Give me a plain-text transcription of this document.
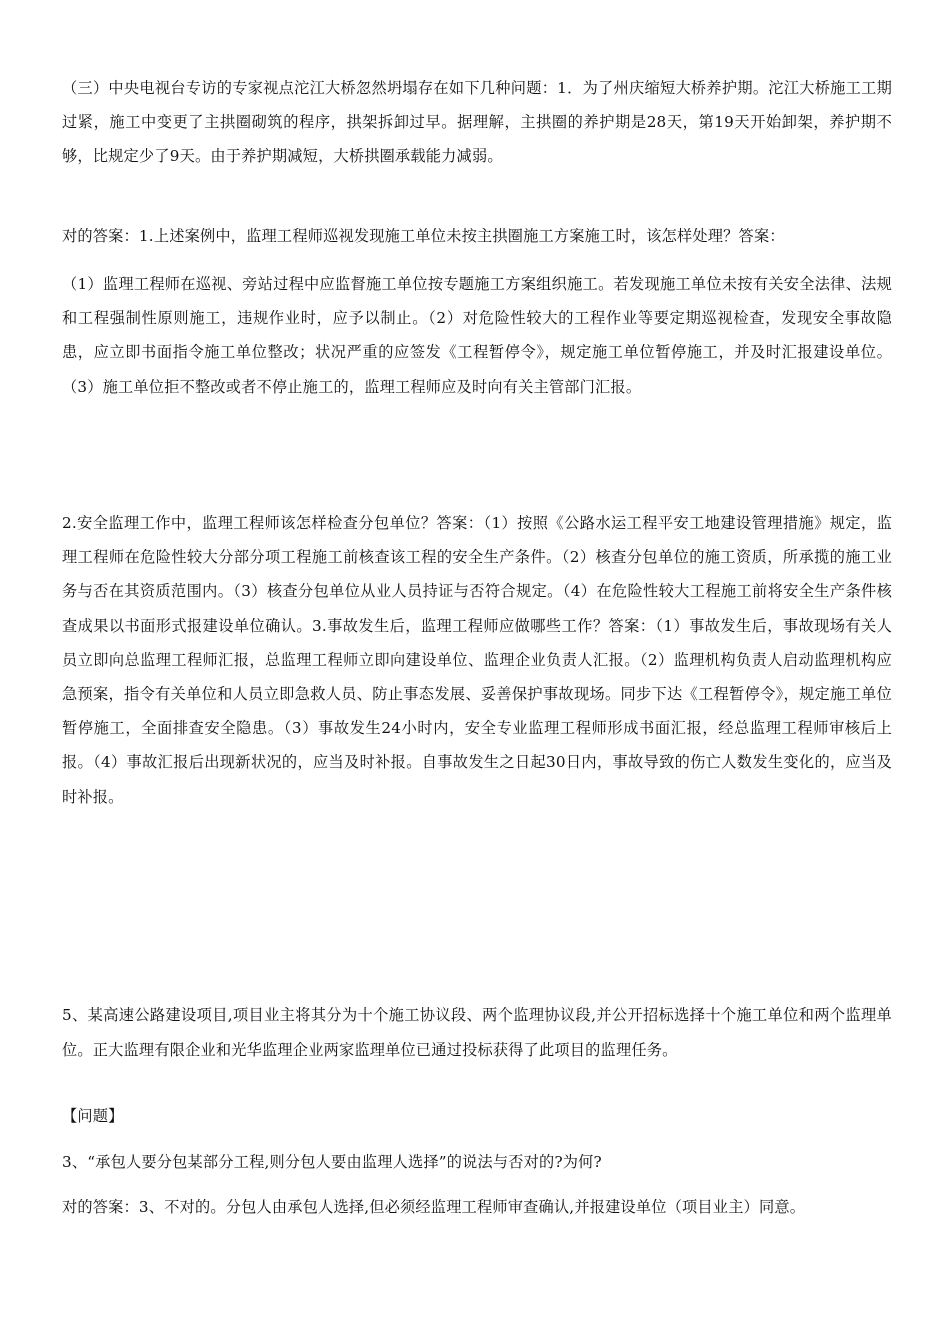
（三）中央电视台专访的专家视点沱江大桥忽然坍塌存在如下几种问题：1．为了州庆缩短大桥养护期。沱江大桥施工工期过紧，施工中变更了主拱圈砌筑的程序，拱架拆卸过早。据理解，主拱圈的养护期是28天，第19天开始卸架，养护期不够，比规定少了9天。由于养护期减短，大桥拱圈承载能力减弱。

对的答案：1.上述案例中，监理工程师巡视发现施工单位未按主拱圈施工方案施工时，该怎样处理？答案：

（1）监理工程师在巡视、旁站过程中应监督施工单位按专题施工方案组织施工。若发现施工单位未按有关安全法律、法规和工程强制性原则施工，违规作业时，应予以制止。（2）对危险性较大的工程作业等要定期巡视检查，发现安全事故隐患，应立即书面指令施工单位整改；状况严重的应签发《工程暂停令》，规定施工单位暂停施工，并及时汇报建设单位。（3）施工单位拒不整改或者不停止施工的，监理工程师应及时向有关主管部门汇报。

2.安全监理工作中，监理工程师该怎样检查分包单位？答案：（1）按照《公路水运工程平安工地建设管理措施》规定，监理工程师在危险性较大分部分项工程施工前核查该工程的安全生产条件。（2）核查分包单位的施工资质，所承揽的施工业务与否在其资质范围内。（3）核查分包单位从业人员持证与否符合规定。（4）在危险性较大工程施工前将安全生产条件核查成果以书面形式报建设单位确认。3.事故发生后，监理工程师应做哪些工作？答案：（1）事故发生后，事故现场有关人员立即向总监理工程师汇报，总监理工程师立即向建设单位、监理企业负责人汇报。（2）监理机构负责人启动监理机构应急预案，指令有关单位和人员立即急救人员、防止事态发展、妥善保护事故现场。同步下达《工程暂停令》，规定施工单位暂停施工，全面排查安全隐患。（3）事故发生24小时内，安全专业监理工程师形成书面汇报，经总监理工程师审核后上报。（4）事故汇报后出现新状况的，应当及时补报。自事故发生之日起30日内，事故导致的伤亡人数发生变化的，应当及时补报。

5、某高速公路建设项目,项目业主将其分为十个施工协议段、两个监理协议段,并公开招标选择十个施工单位和两个监理单位。正大监理有限企业和光华监理企业两家监理单位已通过投标获得了此项目的监理任务。

【问题】

3、“承包人要分包某部分工程,则分包人要由监理人选择”的说法与否对的?为何?

对的答案：3、不对的。分包人由承包人选择,但必须经监理工程师审查确认,并报建设单位（项目业主）同意。
